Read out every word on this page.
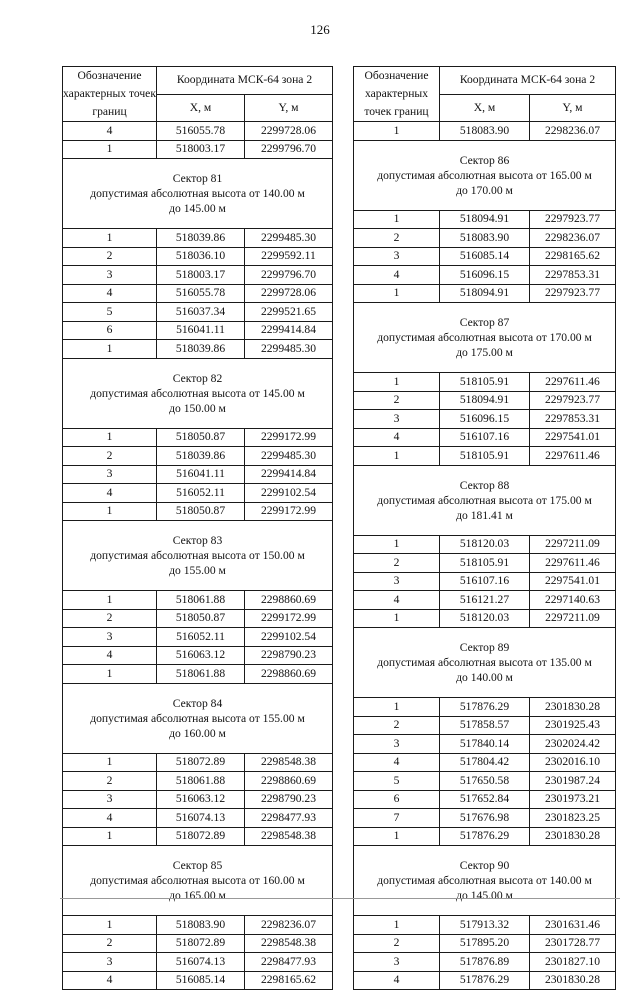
126
Обозначение характерных точек границ	Координата МСК-64 зона 2	
	X, м	Y, м
4	516055.78	2299728.06
1	518003.17	2299796.70

Сектор 81
допустимая абсолютная высота от 140.00 м
до 145.00 м		

1	518039.86	2299485.30
2	518036.10	2299592.11
3	518003.17	2299796.70
4	516055.78	2299728.06
5	516037.34	2299521.65
6	516041.11	2299414.84
1	518039.86	2299485.30

Сектор 82
допустимая абсолютная высота от 145.00 м
до 150.00 м		

1	518050.87	2299172.99
2	518039.86	2299485.30
3	516041.11	2299414.84
4	516052.11	2299102.54
1	518050.87	2299172.99

Сектор 83
допустимая абсолютная высота от 150.00 м
до 155.00 м		

1	518061.88	2298860.69
2	518050.87	2299172.99
3	516052.11	2299102.54
4	516063.12	2298790.23
1	518061.88	2298860.69

Сектор 84
допустимая абсолютная высота от 155.00 м
до 160.00 м		

1	518072.89	2298548.38
2	518061.88	2298860.69
3	516063.12	2298790.23
4	516074.13	2298477.93
1	518072.89	2298548.38

Сектор 85
допустимая абсолютная высота от 160.00 м
до 165.00 м		

1	518083.90	2298236.07
2	518072.89	2298548.38
3	516074.13	2298477.93
4	516085.14	2298165.62
Обозначение характерных точек границ	Координата МСК-64 зона 2	
	X, м	Y, м
1	518083.90	2298236.07

Сектор 86
допустимая абсолютная высота от 165.00 м
до 170.00 м		

1	518094.91	2297923.77
2	518083.90	2298236.07
3	516085.14	2298165.62
4	516096.15	2297853.31
1	518094.91	2297923.77

Сектор 87
допустимая абсолютная высота от 170.00 м
до 175.00 м		

1	518105.91	2297611.46
2	518094.91	2297923.77
3	516096.15	2297853.31
4	516107.16	2297541.01
1	518105.91	2297611.46

Сектор 88
допустимая абсолютная высота от 175.00 м
до 181.41 м		

1	518120.03	2297211.09
2	518105.91	2297611.46
3	516107.16	2297541.01
4	516121.27	2297140.63
1	518120.03	2297211.09

Сектор 89
допустимая абсолютная высота от 135.00 м
до 140.00 м		

1	517876.29	2301830.28
2	517858.57	2301925.43
3	517840.14	2302024.42
4	517804.42	2302016.10
5	517650.58	2301987.24
6	517652.84	2301973.21
7	517676.98	2301823.25
1	517876.29	2301830.28

Сектор 90
допустимая абсолютная высота от 140.00 м
до 145.00 м		

1	517913.32	2301631.46
2	517895.20	2301728.77
3	517876.89	2301827.10
4	517876.29	2301830.28
